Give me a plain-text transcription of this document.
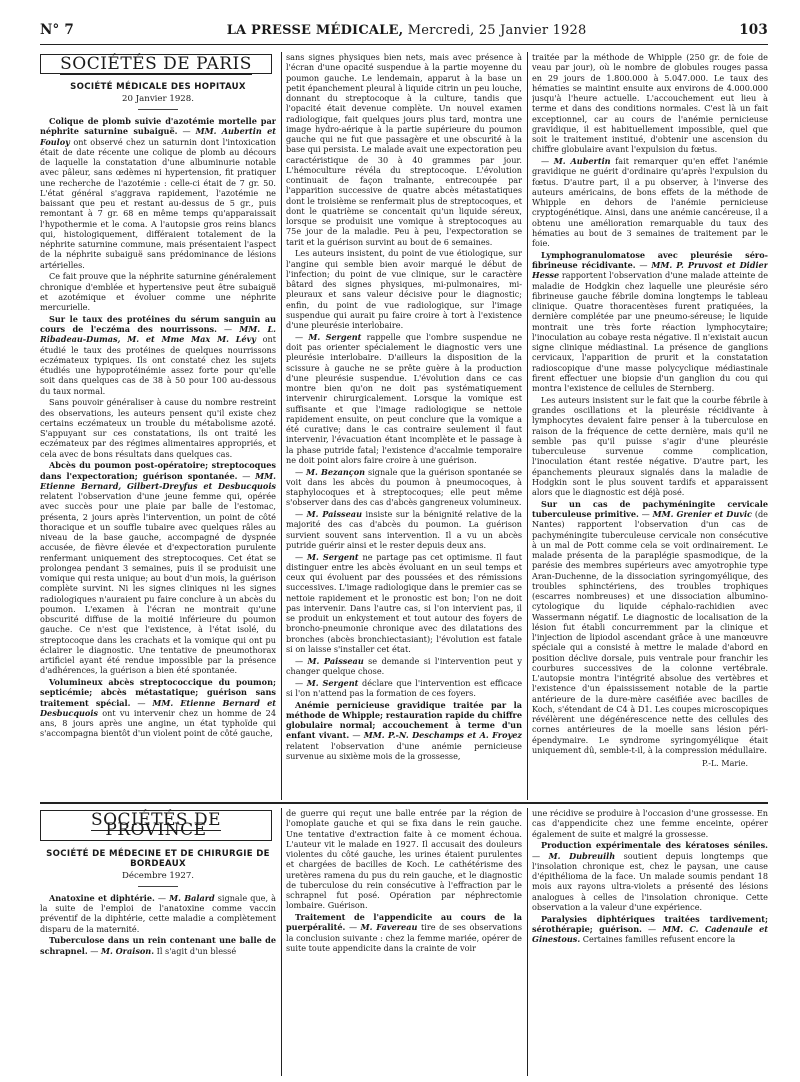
N° 7	LA PRESSE MÉDICALE, Mercredi, 25 Janvier 1928	103
SOCIÉTÉS DE PARIS
SOCIÉTÉ MÉDICALE DES HOPITAUX
20 Janvier 1928.

Colique de plomb suivie d'azotémie mortelle par néphrite saturnine subaiguë. — MM. Aubertin et Fouloy ont observé chez un saturnin dont l'intoxication était de date récente une colique de plomb au décours de laquelle la constatation d'une albuminurie notable avec pâleur, sans œdèmes ni hypertension, fit pratiquer une recherche de l'azotémie : celle-ci était de 7 gr. 50. L'état général s'aggrava rapidement, l'azotémie ne baissant que peu et restant au-dessus de 5 gr., puis remontant à 7 gr. 68 en même temps qu'apparaissait l'hypothermie et le coma. A l'autopsie gros reins blancs qui, histologiquement, différaient totalement de la néphrite saturnine commune, mais présentaient l'aspect de la néphrite subaiguë sans prédominance de lésions artérielles.

Ce fait prouve que la néphrite saturnine généralement chronique d'emblée et hypertensive peut être subaiguë et azotémique et évoluer comme une néphrite mercurielle.

Sur le taux des protéines du sérum sanguin au cours de l'eczéma des nourrissons. — MM. L. Ribadeau-Dumas, M. et Mme Max M. Lévy ont étudié le taux des protéines de quelques nourrissons eczémateux typiques. Ils ont constaté chez les sujets étudiés une hypoprotéinémie assez forte pour qu'elle soit dans quelques cas de 38 à 50 pour 100 au-dessous du taux normal.

Sans pouvoir généraliser à cause du nombre restreint des observations, les auteurs pensent qu'il existe chez certains eczémateux un trouble du métabolisme azoté. S'appuyant sur ces constatations, ils ont traité les eczémateux par des régimes alimentaires appropriés, et cela avec de bons résultats dans quelques cas.

Abcès du poumon post-opératoire; streptocoques dans l'expectoration; guérison spontanée. — MM. Etienne Bernard, Gilbert-Dreyfus et Desbucquois relatent l'observation d'une jeune femme qui, opérée avec succès pour une plaie par balle de l'estomac, présenta, 2 jours après l'intervention, un point de côté thoracique et un souffle tubaire avec quelques râles au niveau de la base gauche, accompagné de dyspnée accusée, de fièvre élevée et d'expectoration purulente renfermant uniquement des streptocoques. Cet état se prolongea pendant 3 semaines, puis il se produisit une vomique qui resta unique; au bout d'un mois, la guérison complète survint. Ni les signes cliniques ni les signes radiologiques n'auraient pu faire conclure à un abcès du poumon. L'examen à l'écran ne montrait qu'une obscurité diffuse de la moitié inférieure du poumon gauche. Ce n'est que l'existence, à l'état isolé, du streptocoque dans les crachats et la vomique qui ont pu éclairer le diagnostic. Une tentative de pneumothorax artificiel ayant été rendue impossible par la présence d'adhérences, la guérison a bien été spontanée.

Volumineux abcès streptococcique du poumon; septicémie; abcès métastatique; guérison sans traitement spécial. — MM. Etienne Bernard et Desbucquois ont vu intervenir chez un homme de 24 ans, 8 jours après une angine, un état typhoïde qui s'accompagna bientôt d'un violent point de côté gauche,

sans signes physiques bien nets, mais avec présence à l'écran d'une opacité suspendue à la partie moyenne du poumon gauche. Le lendemain, apparut à la base un petit épanchement pleural à liquide citrin un peu louche, donnant du streptocoque à la culture, tandis que l'opacité était devenue complète. Un nouvel examen radiologique, fait quelques jours plus tard, montra une image hydro-aérique à la partie supérieure du poumon gauche qui ne fut que passagère et une obscurité à la base qui persista. Le malade avait une expectoration peu caractéristique de 30 à 40 grammes par jour. L'hémoculture révéla du streptocoque. L'évolution continuait de façon traînante, entrecoupée par l'apparition successive de quatre abcès métastatiques dont le troisième se renfermait plus de streptocoques, et dont le quatrième se concentait qu'un liquide séreux, lorsque se produisit une vomique à streptocoques au 75e jour de la maladie. Peu à peu, l'expectoration se tarit et la guérison survint au bout de 6 semaines.

Les auteurs insistent, du point de vue étiologique, sur l'angine qui semble bien avoir marqué le début de l'infection; du point de vue clinique, sur le caractère bâtard des signes physiques, mi-pulmonaires, mi-pleuraux et sans valeur décisive pour le diagnostic; enfin, du point de vue radiologique, sur l'image suspendue qui aurait pu faire croire à tort à l'existence d'une pleurésie interlobaire.

— M. Sergent rappelle que l'ombre suspendue ne doit pas orienter spécialement le diagnostic vers une pleurésie interlobaire. D'ailleurs la disposition de la scissure à gauche ne se prête guère à la production d'une pleurésie suspendue. L'évolution dans ce cas montre bien qu'on ne doit pas systématiquement intervenir chirurgicalement. Lorsque la vomique est suffisante et que l'image radiologique se nettoie rapidement ensuite, on peut conclure que la vomique a été curative; dans le cas contraire seulement il faut intervenir, l'évacuation étant incomplète et le passage à la phase putride fatal; l'existence d'accalmie temporaire ne doit point alors faire croire à une guérison.

— M. Bezançon signale que la guérison spontanée se voit dans les abcès du poumon à pneumocoques, à staphylocoques et à streptocoques; elle peut même s'observer dans des cas d'abcès gangreneux volumineux.

— M. Paisseau insiste sur la bénignité relative de la majorité des cas d'abcès du poumon. La guérison survient souvent sans intervention. Il a vu un abcès putride guérir ainsi et le rester depuis deux ans.

— M. Sergent ne partage pas cet optimisme. Il faut distinguer entre les abcès évoluant en un seul temps et ceux qui évoluent par des poussées et des rémissions successives. L'image radiologique dans le premier cas se nettoie rapidement et le pronostic est bon; l'on ne doit pas intervenir. Dans l'autre cas, si l'on intervient pas, il se produit un enkystement et tout autour des foyers de broncho-pneumonie chronique avec des dilatations des bronches (abcès bronchiectasiant); l'évolution est fatale si on laisse s'installer cet état.

— M. Paisseau se demande si l'intervention peut y changer quelque chose.

— M. Sergent déclare que l'intervention est efficace si l'on n'attend pas la formation de ces foyers.

Anémie pernicieuse gravidique traitée par la méthode de Whipple; restauration rapide du chiffre globulaire normal; accouchement à terme d'un enfant vivant. — MM. P.-N. Deschamps et A. Froyez relatent l'observation d'une anémie pernicieuse survenue au sixième mois de la grossesse,

traitée par la méthode de Whipple (250 gr. de foie de veau par jour), où le nombre de globules rouges passa en 29 jours de 1.800.000 à 5.047.000. Le taux des hématies se maintint ensuite aux environs de 4.000.000 jusqu'à l'heure actuelle. L'accouchement eut lieu à terme et dans des conditions normales. C'est là un fait exceptionnel, car au cours de l'anémie pernicieuse gravidique, il est habituellement impossible, quel que soit le traitement institué, d'obtenir une ascension du chiffre globulaire avant l'expulsion du fœtus.

— M. Aubertin fait remarquer qu'en effet l'anémie gravidique ne guérit d'ordinaire qu'après l'expulsion du fœtus. D'autre part, il a pu observer, à l'inverse des auteurs américains, de bons effets de la méthode de Whipple en dehors de l'anémie pernicieuse cryptogénétique. Ainsi, dans une anémie cancéreuse, il a obtenu une amélioration remarquable du taux des hématies au bout de 3 semaines de traitement par le foie.

Lymphogranulomatose avec pleurésie séro-fibrineuse récidivante. — MM. P. Pruvost et Didier Hesse rapportent l'observation d'une malade atteinte de maladie de Hodgkin chez laquelle une pleurésie séro fibrineuse gauche fébrile domina longtemps le tableau clinique. Quatre thoracentèses furent pratiquées, la dernière complétée par une pneumo-séreuse; le liquide montrait une très forte réaction lymphocytaire; l'inoculation au cobaye resta négative. Il n'existait aucun signe clinique médiastinal. La présence de ganglions cervicaux, l'apparition de prurit et la constatation radioscopique d'une masse polycyclique médiastinale firent effectuer une biopsie d'un ganglion du cou qui montra l'existence de cellules de Sternberg.

Les auteurs insistent sur le fait que la courbe fébrile à grandes oscillations et la pleurésie récidivante à lymphocytes devaient faire penser à la tuberculose en raison de la fréquence de cette dernière, mais qu'il ne semble pas qu'il puisse s'agir d'une pleurésie tuberculeuse survenue comme complication, l'inoculation étant restée négative. D'autre part, les épanchements pleuraux signalés dans la maladie de Hodgkin sont le plus souvent tardifs et apparaissent alors que le diagnostic est déjà posé.

Sur un cas de pachyméningite cervicale tuberculeuse primitive. — MM. Grenier et Duvic (de Nantes) rapportent l'observation d'un cas de pachyméningite tuberculeuse cervicale non consécutive à un mal de Pott comme cela se voit ordinairement. Le malade présenta de la paraplégie spasmodique, de la parésie des membres supérieurs avec amyotrophie type Aran-Duchenne, de la dissociation syringomyélique, des troubles sphinctériens, des troubles trophiques (escarres nombreuses) et une dissociation albumino-cytologique du liquide céphalo-rachidien avec Wassermann négatif. Le diagnostic de localisation de la lésion fut établi concurremment par la clinique et l'injection de lipiodol ascendant grâce à une manœuvre spéciale qui a consisté à mettre le malade d'abord en position déclive dorsale, puis ventrale pour franchir les courbures successives de la colonne vertébrale. L'autopsie montra l'intégrité absolue des vertèbres et l'existence d'un épaississement notable de la partie antérieure de la dure-mère caséifiée avec bacilles de Koch, s'étendant de C4 à D1. Les coupes microscopiques révélèrent une dégénérescence nette des cellules des cornes antérieures de la moelle sans lésion péri-épendymaire. Le syndrome syringomyélique était uniquement dû, semble-t-il, à la compression médullaire.

P.-L. Marie.
SOCIÉTÉS DE PROVINCE
SOCIÉTÉ DE MÉDECINE ET DE CHIRURGIE DE BORDEAUX
Décembre 1927.

Anatoxine et diphtérie. — M. Balard signale que, à la suite de l'emploi de l'anatoxine comme vaccin préventif de la diphtérie, cette maladie a complètement disparu de la maternité.

Tuberculose dans un rein contenant une balle de schrapnel. — M. Oraison. Il s'agit d'un blessé

de guerre qui reçut une balle entrée par la région de l'omoplate gauche et qui se fixa dans le rein gauche. Une tentative d'extraction faite à ce moment échoua. L'auteur vit le malade en 1927. Il accusait des douleurs violentes du côté gauche, les urines étaient purulentes et chargées de bacilles de Koch. Le cathétérisme des uretères ramena du pus du rein gauche, et le diagnostic de tuberculose du rein consécutive à l'effraction par le schrapnel fut posé. Opération par néphrectomie lombaire. Guérison.

Traitement de l'appendicite au cours de la puerpéralité. — M. Favereau tire de ses observations la conclusion suivante : chez la femme mariée, opérer de suite toute appendicite dans la crainte de voir

une récidive se produire à l'occasion d'une grossesse. En cas d'appendicite chez une femme enceinte, opérer également de suite et malgré la grossesse.

Production expérimentale des kératoses séniles. — M. Dubreuilh soutient depuis longtemps que l'insolation chronique est, chez le paysan, une cause d'épithélioma de la face. Un malade soumis pendant 18 mois aux rayons ultra-violets a présenté des lésions analogues à celles de l'insolation chronique. Cette observation a la valeur d'une expérience.

Paralysies diphtériques traitées tardivement; sérothérapie; guérison. — MM. C. Cadenaule et Ginestous. Certaines familles refusent encore la
